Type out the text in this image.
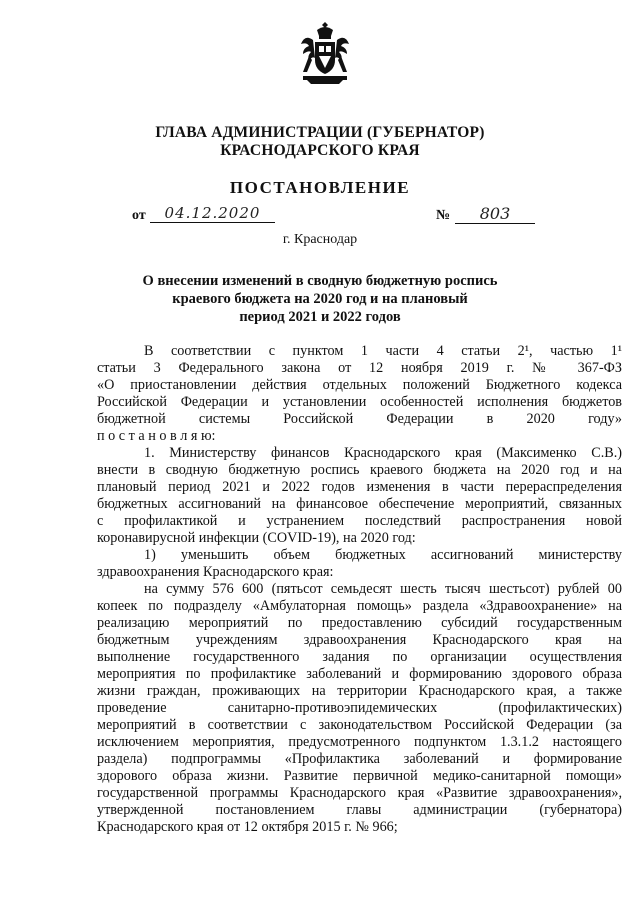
ГЛАВА АДМИНИСТРАЦИИ (ГУБЕРНАТОР)
КРАСНОДАРСКОГО КРАЯ
ПОСТАНОВЛЕНИЕ
от	04.12.2020	№	803
г. Краснодар
О внесении изменений в сводную бюджетную роспись
краевого бюджета на 2020 год и на плановый
период 2021 и 2022 годов
В соответствии с пунктом 1 части 4 статьи 2¹, частью 1¹
статьи 3 Федерального закона от 12 ноября 2019 г. № 367-ФЗ
«О приостановлении действия отдельных положений Бюджетного кодекса
Российской Федерации и установлении особенностей исполнения бюджетов
бюджетной системы Российской Федерации в 2020 году»
п о с т а н о в л я ю:
1. Министерству финансов Краснодарского края (Максименко С.В.)
внести в сводную бюджетную роспись краевого бюджета на 2020 год и на
плановый период 2021 и 2022 годов изменения в части перераспределения
бюджетных ассигнований на финансовое обеспечение мероприятий, связанных
с профилактикой и устранением последствий распространения новой
коронавирусной инфекции (COVID-19), на 2020 год:
1) уменьшить объем бюджетных ассигнований министерству
здравоохранения Краснодарского края:
на сумму 576 600 (пятьсот семьдесят шесть тысяч шестьсот) рублей 00
копеек по подразделу «Амбулаторная помощь» раздела «Здравоохранение» на
реализацию мероприятий по предоставлению субсидий государственным
бюджетным учреждениям здравоохранения Краснодарского края на
выполнение государственного задания по организации осуществления
мероприятия по профилактике заболеваний и формированию здорового образа
жизни граждан, проживающих на территории Краснодарского края, а также
проведение санитарно-противоэпидемических (профилактических)
мероприятий в соответствии с законодательством Российской Федерации (за
исключением мероприятия, предусмотренного подпунктом 1.3.1.2 настоящего
раздела) подпрограммы «Профилактика заболеваний и формирование
здорового образа жизни. Развитие первичной медико-санитарной помощи»
государственной программы Краснодарского края «Развитие здравоохранения»,
утвержденной постановлением главы администрации (губернатора)
Краснодарского края от 12 октября 2015 г. № 966;
